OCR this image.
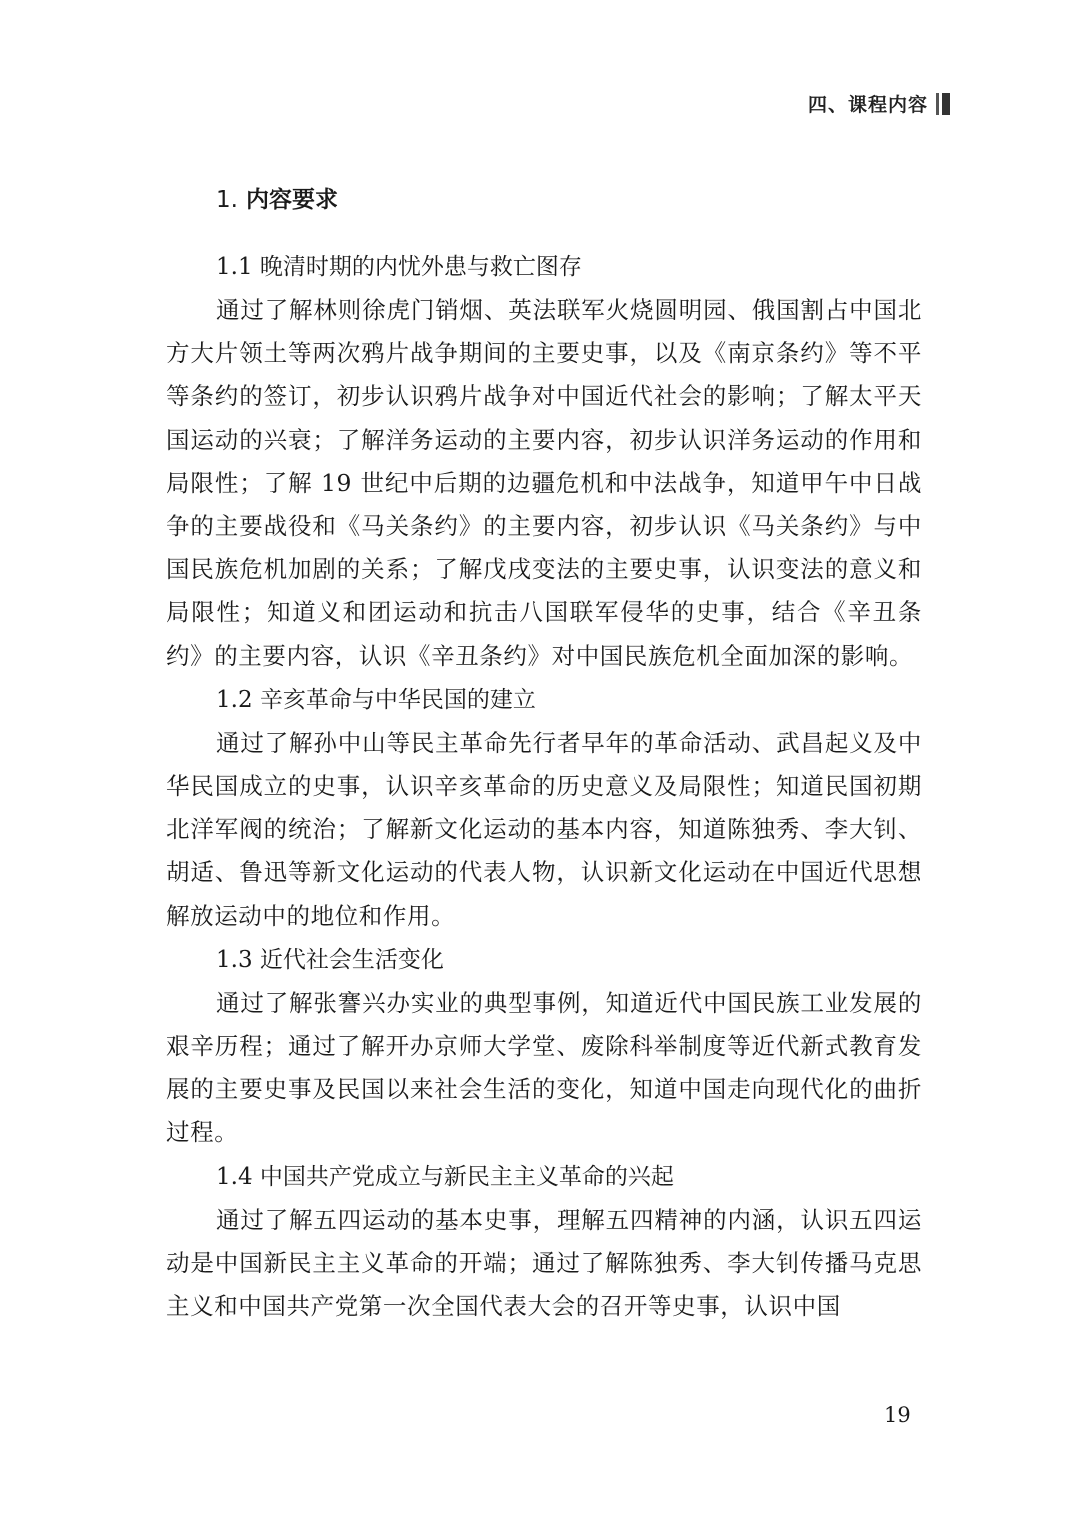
四、课程内容
1. 内容要求
1.1 晚清时期的内忧外患与救亡图存

通过了解林则徐虎门销烟、英法联军火烧圆明园、俄国割占中国北方大片领土等两次鸦片战争期间的主要史事，以及《南京条约》等不平等条约的签订，初步认识鸦片战争对中国近代社会的影响；了解太平天国运动的兴衰；了解洋务运动的主要内容，初步认识洋务运动的作用和局限性；了解 19 世纪中后期的边疆危机和中法战争，知道甲午中日战争的主要战役和《马关条约》的主要内容，初步认识《马关条约》与中国民族危机加剧的关系；了解戊戌变法的主要史事，认识变法的意义和局限性；知道义和团运动和抗击八国联军侵华的史事，结合《辛丑条约》的主要内容，认识《辛丑条约》对中国民族危机全面加深的影响。

1.2 辛亥革命与中华民国的建立

通过了解孙中山等民主革命先行者早年的革命活动、武昌起义及中华民国成立的史事，认识辛亥革命的历史意义及局限性；知道民国初期北洋军阀的统治；了解新文化运动的基本内容，知道陈独秀、李大钊、胡适、鲁迅等新文化运动的代表人物，认识新文化运动在中国近代思想解放运动中的地位和作用。

1.3 近代社会生活变化

通过了解张謇兴办实业的典型事例，知道近代中国民族工业发展的艰辛历程；通过了解开办京师大学堂、废除科举制度等近代新式教育发展的主要史事及民国以来社会生活的变化，知道中国走向现代化的曲折过程。

1.4 中国共产党成立与新民主主义革命的兴起

通过了解五四运动的基本史事，理解五四精神的内涵，认识五四运动是中国新民主主义革命的开端；通过了解陈独秀、李大钊传播马克思主义和中国共产党第一次全国代表大会的召开等史事，认识中国

19
